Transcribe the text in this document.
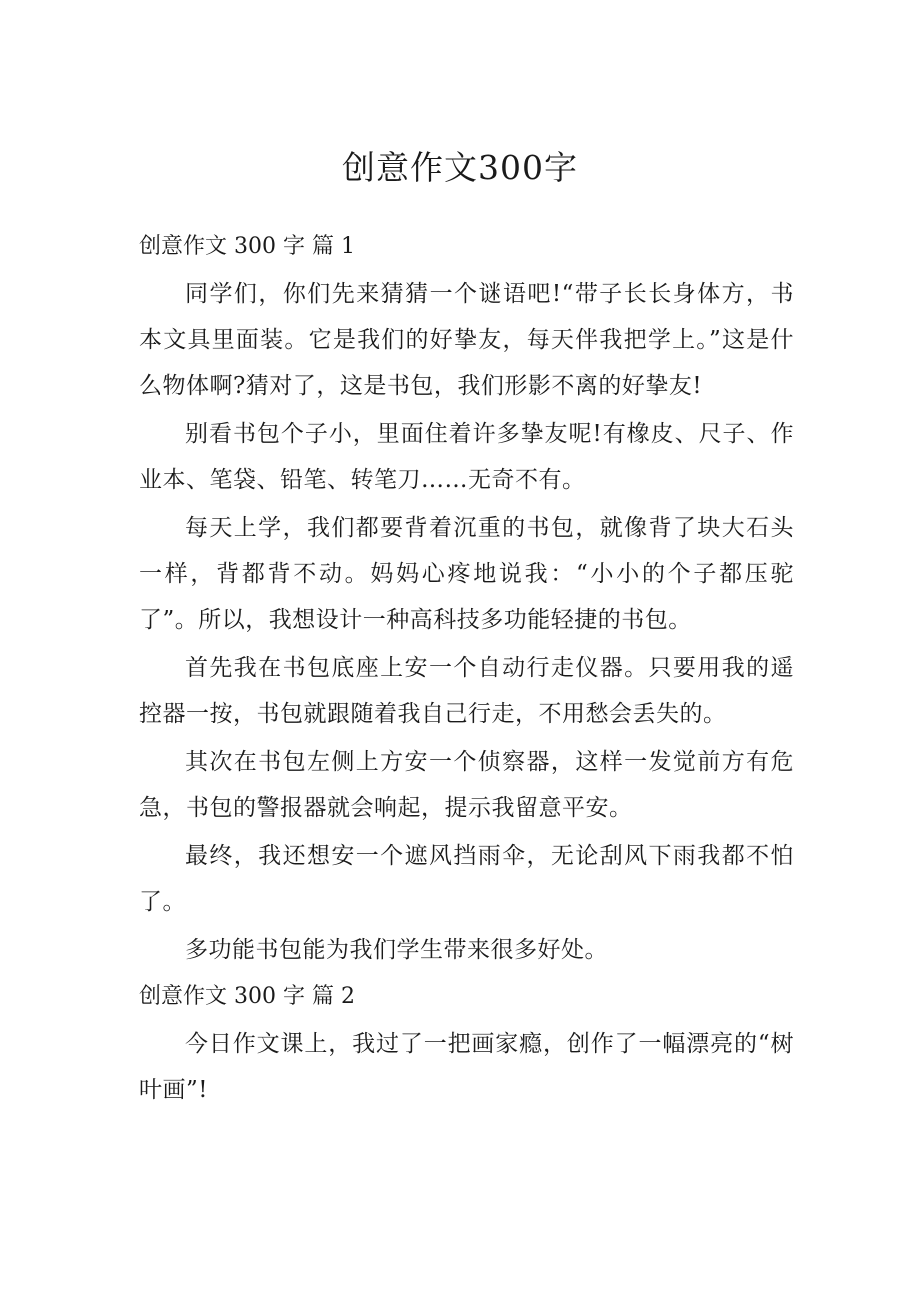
创意作文300字
创意作文 300 字 篇 1

同学们，你们先来猜猜一个谜语吧!“带子长长身体方，书本文具里面装。它是我们的好挚友，每天伴我把学上。”这是什么物体啊?猜对了，这是书包，我们形影不离的好挚友!

别看书包个子小，里面住着许多挚友呢!有橡皮、尺子、作业本、笔袋、铅笔、转笔刀……无奇不有。

每天上学，我们都要背着沉重的书包，就像背了块大石头一样，背都背不动。妈妈心疼地说我：“小小的个子都压驼了”。所以，我想设计一种高科技多功能轻捷的书包。

首先我在书包底座上安一个自动行走仪器。只要用我的遥控器一按，书包就跟随着我自己行走，不用愁会丢失的。

其次在书包左侧上方安一个侦察器，这样一发觉前方有危急，书包的警报器就会响起，提示我留意平安。

最终，我还想安一个遮风挡雨伞，无论刮风下雨我都不怕了。

多功能书包能为我们学生带来很多好处。

创意作文 300 字 篇 2

今日作文课上，我过了一把画家瘾，创作了一幅漂亮的“树叶画”!
